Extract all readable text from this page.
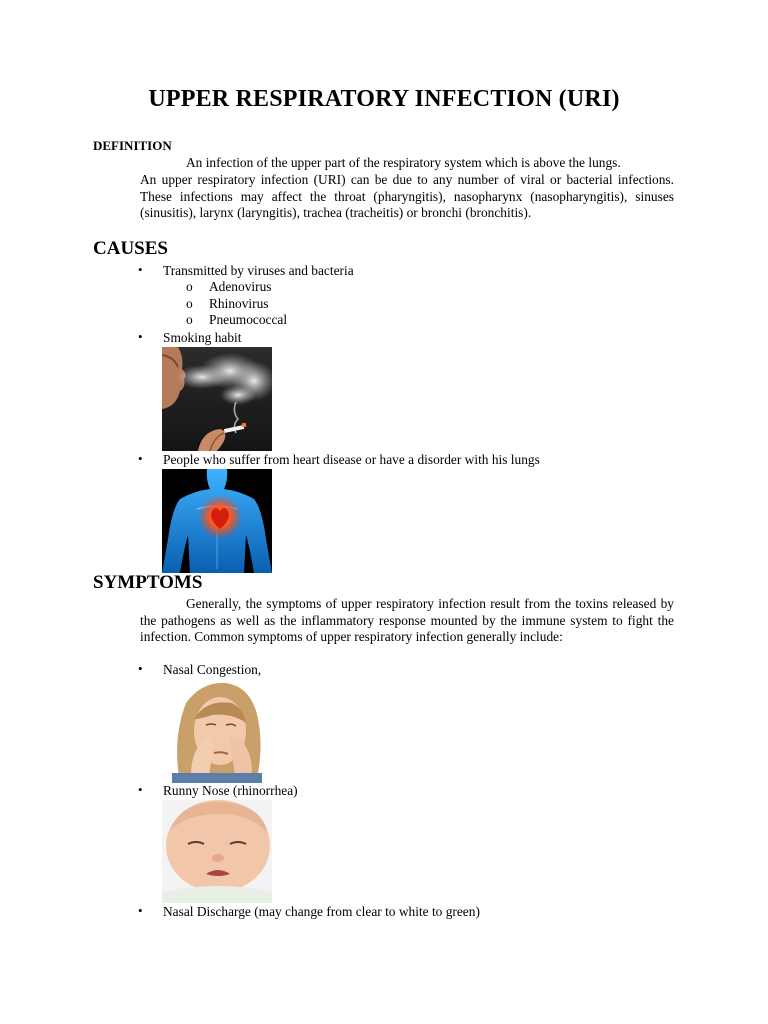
UPPER RESPIRATORY INFECTION (URI)
DEFINITION
An infection of the upper part of the respiratory system which is above the lungs.
An upper respiratory infection (URI) can be due to any number of viral or bacterial infections. These infections may affect the throat (pharyngitis), nasopharynx (nasopharyngitis), sinuses (sinusitis), larynx (laryngitis), trachea (tracheitis) or bronchi (bronchitis).
CAUSES
• Transmitted by viruses and bacteria
o Adenovirus
o Rhinovirus
o Pneumococcal
• Smoking habit
• People who suffer from heart disease or have a disorder with his lungs
SYMPTOMS
Generally, the symptoms of upper respiratory infection result from the toxins released by the pathogens as well as the inflammatory response mounted by the immune system to fight the infection. Common symptoms of upper respiratory infection generally include:
• Nasal Congestion,
• Runny Nose (rhinorrhea)
• Nasal Discharge (may change from clear to white to green)
